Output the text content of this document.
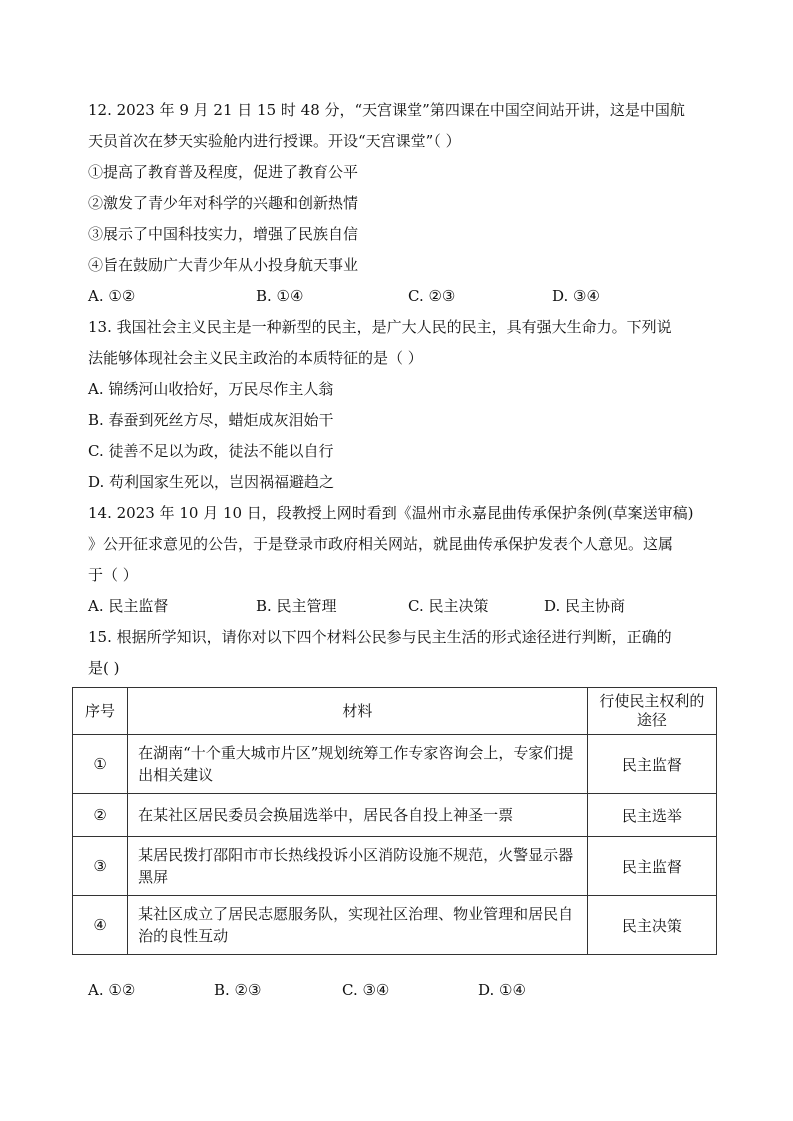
12. 2023 年 9 月 21 日 15 时 48 分，“天宫课堂”第四课在中国空间站开讲，这是中国航
天员首次在梦天实验舱内进行授课。开设“天宫课堂”（ ）
①提高了教育普及程度，促进了教育公平
②激发了青少年对科学的兴趣和创新热情
③展示了中国科技实力，增强了民族自信
④旨在鼓励广大青少年从小投身航天事业
A. ①②	B. ①④	C. ②③	D. ③④
13. 我国社会主义民主是一种新型的民主，是广大人民的民主，具有强大生命力。下列说
法能够体现社会主义民主政治的本质特征的是（ ）
A. 锦绣河山收拾好，万民尽作主人翁
B. 春蚕到死丝方尽，蜡炬成灰泪始干
C. 徒善不足以为政，徒法不能以自行
D. 苟利国家生死以，岂因祸福避趋之
14. 2023 年 10 月 10 日，段教授上网时看到《温州市永嘉昆曲传承保护条例(草案送审稿)
》公开征求意见的公告，于是登录市政府相关网站，就昆曲传承保护发表个人意见。这属
于（ ）
A. 民主监督	B. 民主管理	C. 民主决策	D. 民主协商
15. 根据所学知识，请你对以下四个材料公民参与民主生活的形式途径进行判断，正确的
是( )
序号	材料	行使民主权利的途径
①	在湖南“十个重大城市片区”规划统筹工作专家咨询会上，专家们提出相关建议	民主监督
②	在某社区居民委员会换届选举中，居民各自投上神圣一票	民主选举
③	某居民拨打邵阳市市长热线投诉小区消防设施不规范，火警显示器黑屏	民主监督
④	某社区成立了居民志愿服务队，实现社区治理、物业管理和居民自治的良性互动	民主决策
A. ①②	B. ②③	C. ③④	D. ①④
